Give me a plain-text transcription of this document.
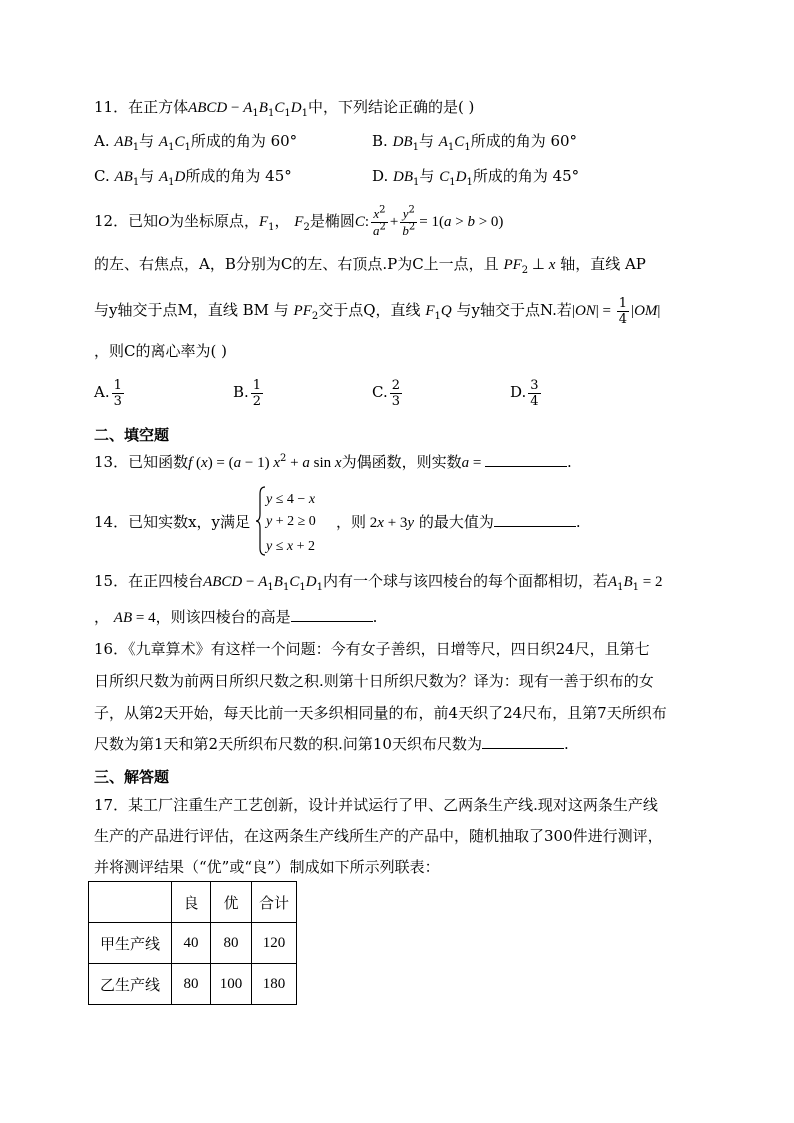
11．在正方体ABCD − $A_1B_1C_1D_1$中，下列结论正确的是( )
A. $AB_1$与 $A_1C_1$所成的角为 60°	B. $DB_1$与 $A_1C_1$所成的角为 60°
C. $AB_1$与 $A_1D$所成的角为 45°	D. $DB_1$与 $C_1D_1$所成的角为 45°
12．已知O为坐标原点，$F_1$， $F_2$是椭圆C: $\frac{x^2}{a^2} + \frac{y^2}{b^2} = 1(a > b > 0)$
的左、右焦点，A，B分别为C的左、右顶点.P为C上一点，且 $PF_2$ ⊥ x 轴，直线 AP
与y轴交于点M，直线 BM 与 $PF_2$交于点Q，直线 $F_1Q$ 与y轴交于点N.若$|ON| = \frac{1}{4} |OM|$
，则C的离心率为( )
A. $\frac{1}{3}$	B. $\frac{1}{2}$	C. $\frac{2}{3}$	D. $\frac{3}{4}$
二、填空题
13．已知函数f (x) = (a − 1) $x^2 + a$ sin x为偶函数，则实数a =	.
y ≤ 4 − x
y + 2 ≥ 0
y ≤ x + 2
14．已知实数x，y满足	，则 2x + 3y 的最大值为	.
15．在正四棱台ABCD − $A_1B_1C_1D_1$内有一个球与该四棱台的每个面都相切，若$A_1B_1 = 2$
， AB = 4，则该四棱台的高是	.
16．《九章算术》有这样一个问题：今有女子善织，日增等尺，四日织24尺，且第七
日所织尺数为前两日所织尺数之积.则第十日所织尺数为？译为：现有一善于织布的女
子，从第2天开始，每天比前一天多织相同量的布，前4天织了24尺布，且第7天所织布
尺数为第1天和第2天所织布尺数的积.问第10天织布尺数为	.
三、解答题
17．某工厂注重生产工艺创新，设计并试运行了甲、乙两条生产线.现对这两条生产线
生产的产品进行评估，在这两条生产线所生产的产品中，随机抽取了300件进行测评，
并将测评结果（“优”或“良”）制成如下所示列联表：
	良	优	合计
甲生产线	40	80	120
乙生产线	80	100	180
